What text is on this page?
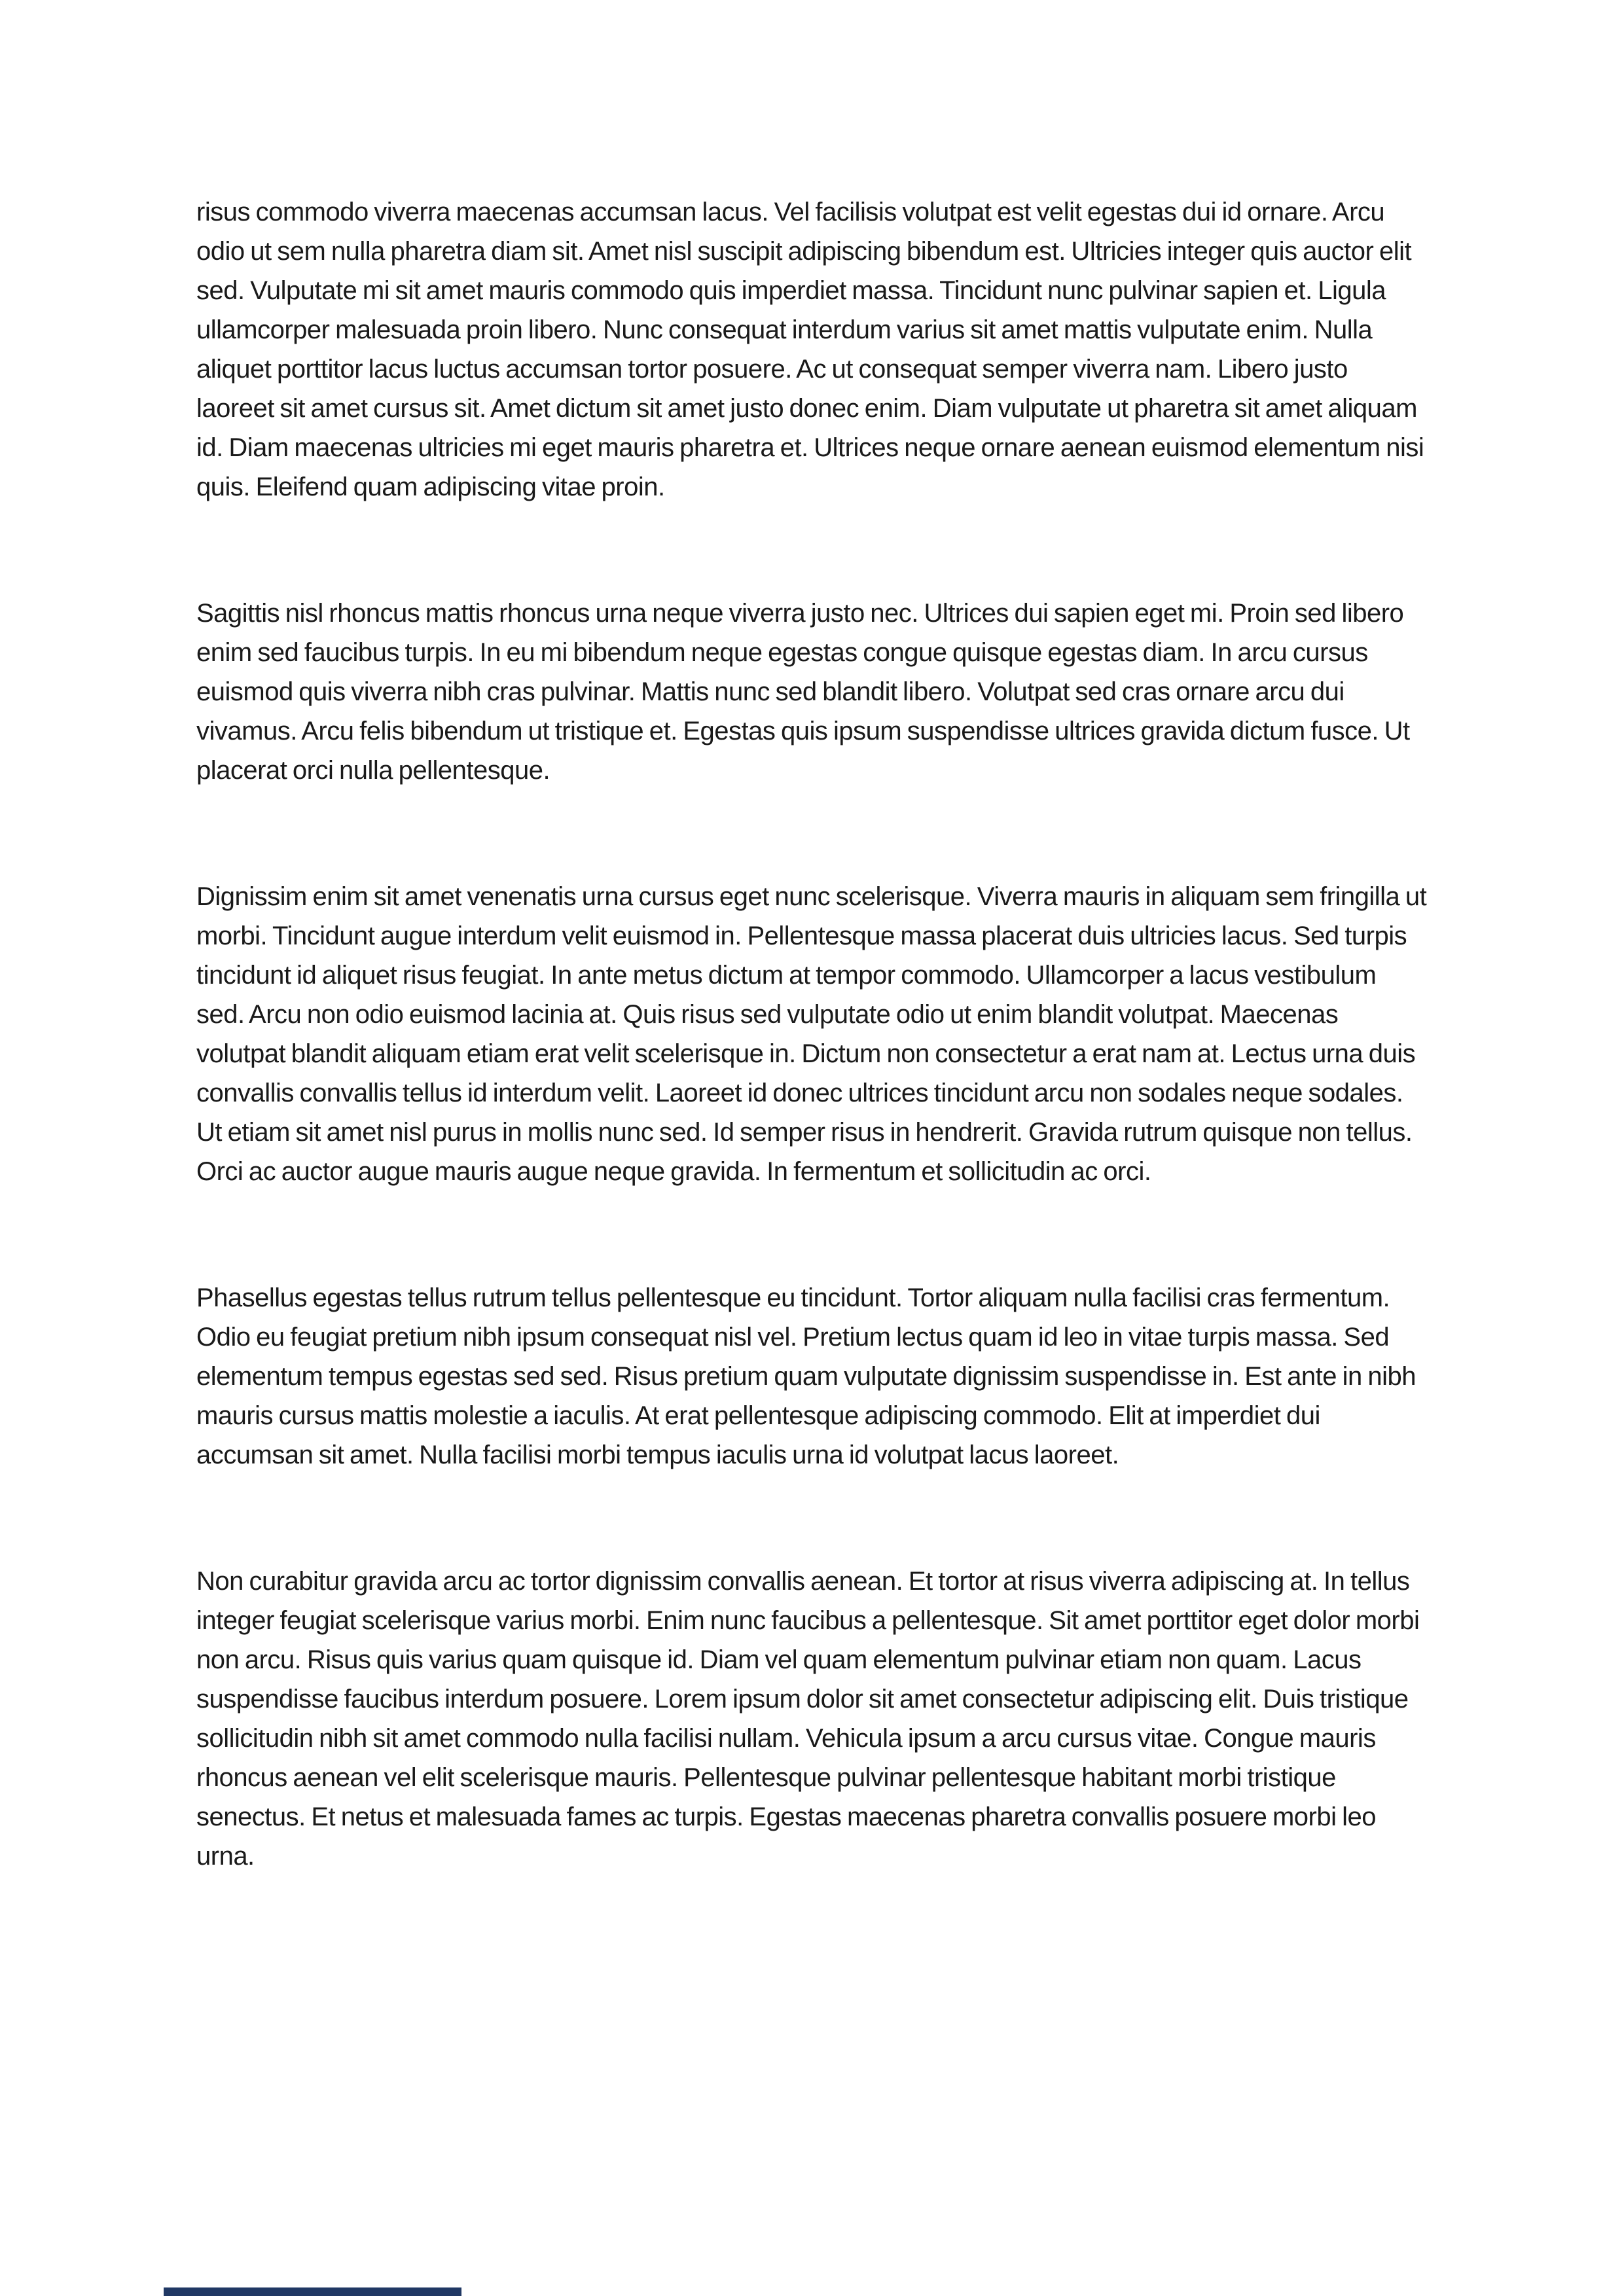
risus commodo viverra maecenas accumsan lacus. Vel facilisis volutpat est velit egestas dui id ornare. Arcu odio ut sem nulla pharetra diam sit. Amet nisl suscipit adipiscing bibendum est. Ultricies integer quis auctor elit sed. Vulputate mi sit amet mauris commodo quis imperdiet massa. Tincidunt nunc pulvinar sapien et. Ligula ullamcorper malesuada proin libero. Nunc consequat interdum varius sit amet mattis vulputate enim. Nulla aliquet porttitor lacus luctus accumsan tortor posuere. Ac ut consequat semper viverra nam. Libero justo laoreet sit amet cursus sit. Amet dictum sit amet justo donec enim. Diam vulputate ut pharetra sit amet aliquam id. Diam maecenas ultricies mi eget mauris pharetra et. Ultrices neque ornare aenean euismod elementum nisi quis. Eleifend quam adipiscing vitae proin.

Sagittis nisl rhoncus mattis rhoncus urna neque viverra justo nec. Ultrices dui sapien eget mi. Proin sed libero enim sed faucibus turpis. In eu mi bibendum neque egestas congue quisque egestas diam. In arcu cursus euismod quis viverra nibh cras pulvinar. Mattis nunc sed blandit libero. Volutpat sed cras ornare arcu dui vivamus. Arcu felis bibendum ut tristique et. Egestas quis ipsum suspendisse ultrices gravida dictum fusce. Ut placerat orci nulla pellentesque.

Dignissim enim sit amet venenatis urna cursus eget nunc scelerisque. Viverra mauris in aliquam sem fringilla ut morbi. Tincidunt augue interdum velit euismod in. Pellentesque massa placerat duis ultricies lacus. Sed turpis tincidunt id aliquet risus feugiat. In ante metus dictum at tempor commodo. Ullamcorper a lacus vestibulum sed. Arcu non odio euismod lacinia at. Quis risus sed vulputate odio ut enim blandit volutpat. Maecenas volutpat blandit aliquam etiam erat velit scelerisque in. Dictum non consectetur a erat nam at. Lectus urna duis convallis convallis tellus id interdum velit. Laoreet id donec ultrices tincidunt arcu non sodales neque sodales. Ut etiam sit amet nisl purus in mollis nunc sed. Id semper risus in hendrerit. Gravida rutrum quisque non tellus. Orci ac auctor augue mauris augue neque gravida. In fermentum et sollicitudin ac orci.

Phasellus egestas tellus rutrum tellus pellentesque eu tincidunt. Tortor aliquam nulla facilisi cras fermentum. Odio eu feugiat pretium nibh ipsum consequat nisl vel. Pretium lectus quam id leo in vitae turpis massa. Sed elementum tempus egestas sed sed. Risus pretium quam vulputate dignissim suspendisse in. Est ante in nibh mauris cursus mattis molestie a iaculis. At erat pellentesque adipiscing commodo. Elit at imperdiet dui accumsan sit amet. Nulla facilisi morbi tempus iaculis urna id volutpat lacus laoreet.

Non curabitur gravida arcu ac tortor dignissim convallis aenean. Et tortor at risus viverra adipiscing at. In tellus integer feugiat scelerisque varius morbi. Enim nunc faucibus a pellentesque. Sit amet porttitor eget dolor morbi non arcu. Risus quis varius quam quisque id. Diam vel quam elementum pulvinar etiam non quam. Lacus suspendisse faucibus interdum posuere. Lorem ipsum dolor sit amet consectetur adipiscing elit. Duis tristique sollicitudin nibh sit amet commodo nulla facilisi nullam. Vehicula ipsum a arcu cursus vitae. Congue mauris rhoncus aenean vel elit scelerisque mauris. Pellentesque pulvinar pellentesque habitant morbi tristique senectus. Et netus et malesuada fames ac turpis. Egestas maecenas pharetra convallis posuere morbi leo urna.
